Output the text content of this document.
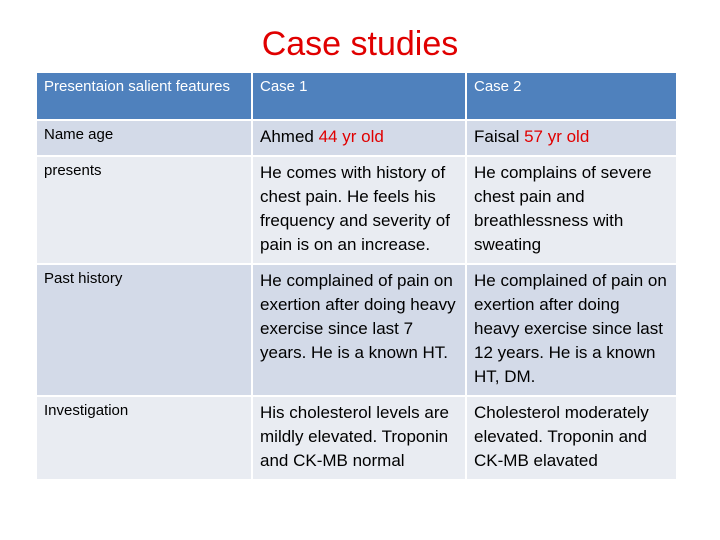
Case studies
Presentaion salient features	Case 1	Case 2
Name age	Ahmed 44 yr old	Faisal 57 yr old
presents	He comes with history of chest pain. He feels his frequency and severity of pain is on an increase.	He complains of severe chest pain and breathlessness with sweating
Past history	He complained of pain on exertion after doing heavy exercise since last 7 years. He is a known HT.	He complained of pain on exertion after doing heavy exercise since last 12 years. He is a known HT, DM.
Investigation	His cholesterol levels are mildly elevated. Troponin and CK-MB normal	Cholesterol moderately elevated. Troponin and CK-MB elavated
